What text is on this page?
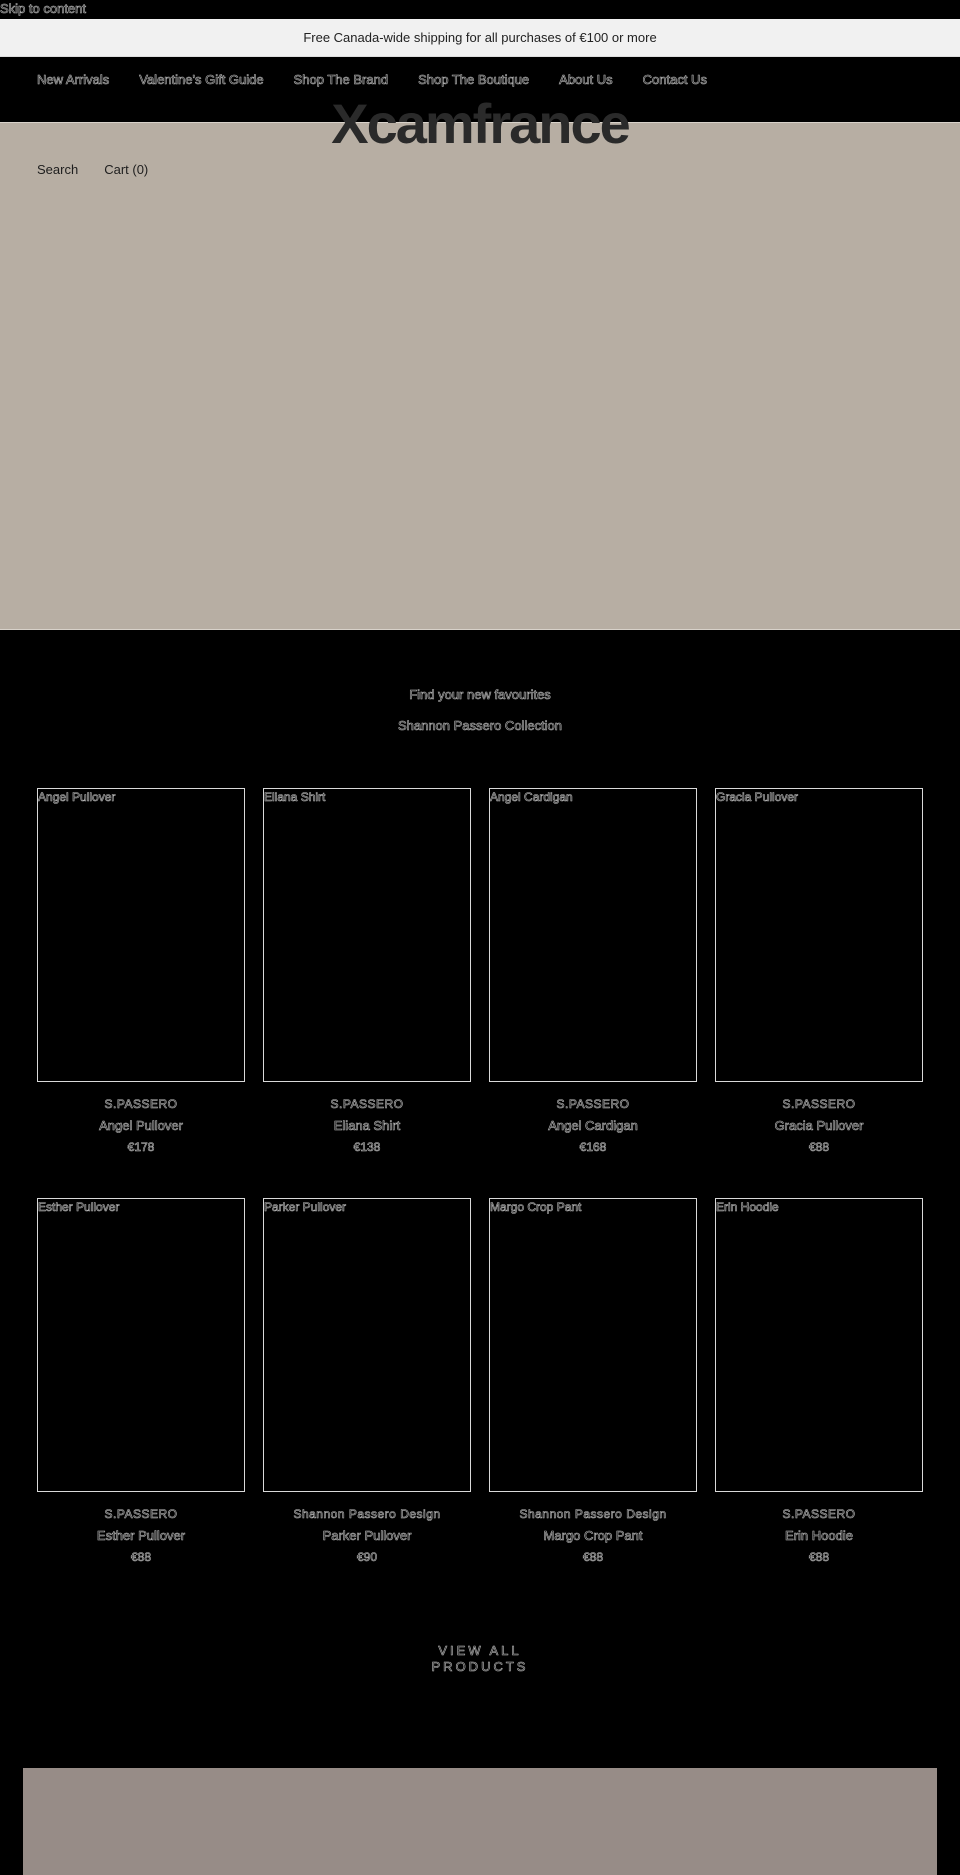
Skip to content
Free Canada-wide shipping for all purchases of €100 or more
New Arrivals Valentine's Gift Guide Shop The Brand Shop The Boutique About Us Contact Us
Xcamfrance
Search Cart (0)
Find your new favourites
Shannon Passero Collection
Angel Pullover
S.PASSERO
Angel Pullover
€178
Eliana Shirt
S.PASSERO
Eliana Shirt
€138
Angel Cardigan
S.PASSERO
Angel Cardigan
€168
Gracia Pullover
S.PASSERO
Gracia Pullover
€88
Esther Pullover
S.PASSERO
Esther Pullover
€88
Parker Pullover
Shannon Passero Design
Parker Pullover
€90
Margo Crop Pant
Shannon Passero Design
Margo Crop Pant
€88
Erin Hoodie
S.PASSERO
Erin Hoodie
€88
VIEW ALL
PRODUCTS
